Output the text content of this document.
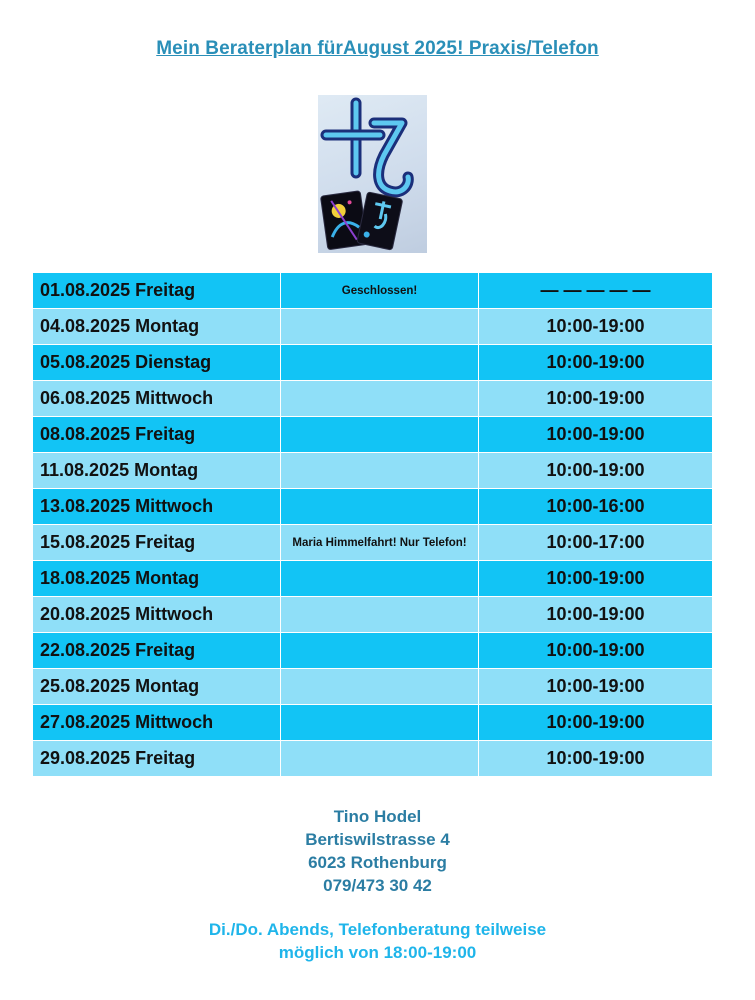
Mein Beraterplan fürAugust 2025! Praxis/Telefon
01.08.2025 Freitag	Geschlossen!	— — — — —
04.08.2025 Montag		10:00-19:00
05.08.2025 Dienstag		10:00-19:00
06.08.2025 Mittwoch		10:00-19:00
08.08.2025 Freitag		10:00-19:00
11.08.2025 Montag		10:00-19:00
13.08.2025 Mittwoch		10:00-16:00
15.08.2025 Freitag	Maria Himmelfahrt! Nur Telefon!	10:00-17:00
18.08.2025 Montag		10:00-19:00
20.08.2025 Mittwoch		10:00-19:00
22.08.2025 Freitag		10:00-19:00
25.08.2025 Montag		10:00-19:00
27.08.2025 Mittwoch		10:00-19:00
29.08.2025 Freitag		10:00-19:00
Tino Hodel
Bertiswilstrasse 4
6023 Rothenburg
079/473 30 42
Di./Do. Abends, Telefonberatung teilweise
möglich von 18:00-19:00
